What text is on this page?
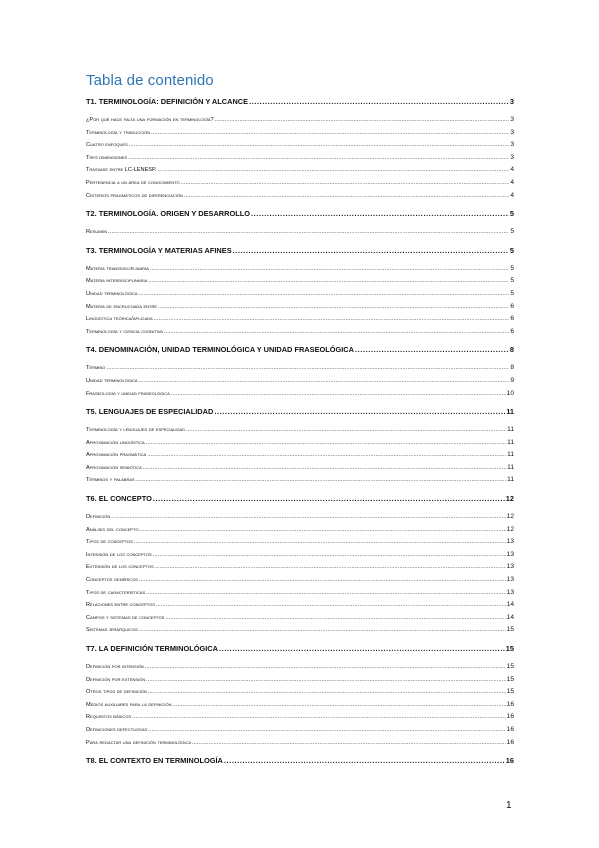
Tabla de contenido
T1. TERMINOLOGÍA: DEFINICIÓN Y ALCANCE .....	3
¿Por qué hace falta una formación en terminología? .....	3
Terminología y traducción .....	3
Cuatro enfoques .....	3
Tres dimensiones .....	3
Trasvase entre LC-LENESP. .....	4
Pertenencia a un área de conocimiento .....	4
Criterios pragmáticos de diferenciación .....	4
T2. TERMINOLOGÍA. ORIGEN Y DESARROLLO .....	5
Resumen .....	5
T3. TERMINOLOGÍA Y MATERIAS AFINES .....	5
Materia transdisciplinaria .....	5
Materia interdisciplinaria .....	5
Unidad terminológica .....	5
Materia de encrucijada entre .....	6
Lingüística teórica/aplicada .....	6
Terminología y ciencia cognitiva .....	6
T4. DENOMINACIÓN, UNIDAD TERMINOLÓGICA Y UNIDAD FRASEOLÓGICA .....	8
Término .....	8
Unidad terminológica .....	9
Fraseología y unidad fraseológica .....	10
T5. LENGUAJES DE ESPECIALIDAD .....	11
Terminología y lenguajes de especialidad .....	11
Aproximación lingüística .....	11
Aproximación pragmática .....	11
Aproximación semiótica .....	11
Términos y palabras .....	11
T6. EL CONCEPTO .....	12
Definición .....	12
Análisis del concepto .....	12
Tipos de conceptos .....	13
Intensión de los conceptos .....	13
Extensión de los conceptos .....	13
Conceptos genéricos .....	13
Tipos de características .....	13
Relaciones entre conceptos .....	14
Campos y sistemas de conceptos .....	14
Sistemas jerárquicos .....	15
T7. LA DEFINICIÓN TERMINOLÓGICA .....	15
Definición por intensión .....	15
Definición por extensión .....	15
Otros tipos de definición .....	15
Medios auxiliares para la definición .....	16
Requisitos básicos .....	16
Definiciones defectuosas .....	16
Para redactar una definición terminológica .....	16
T8. EL CONTEXTO EN TERMINOLOGÍA .....	16
1
